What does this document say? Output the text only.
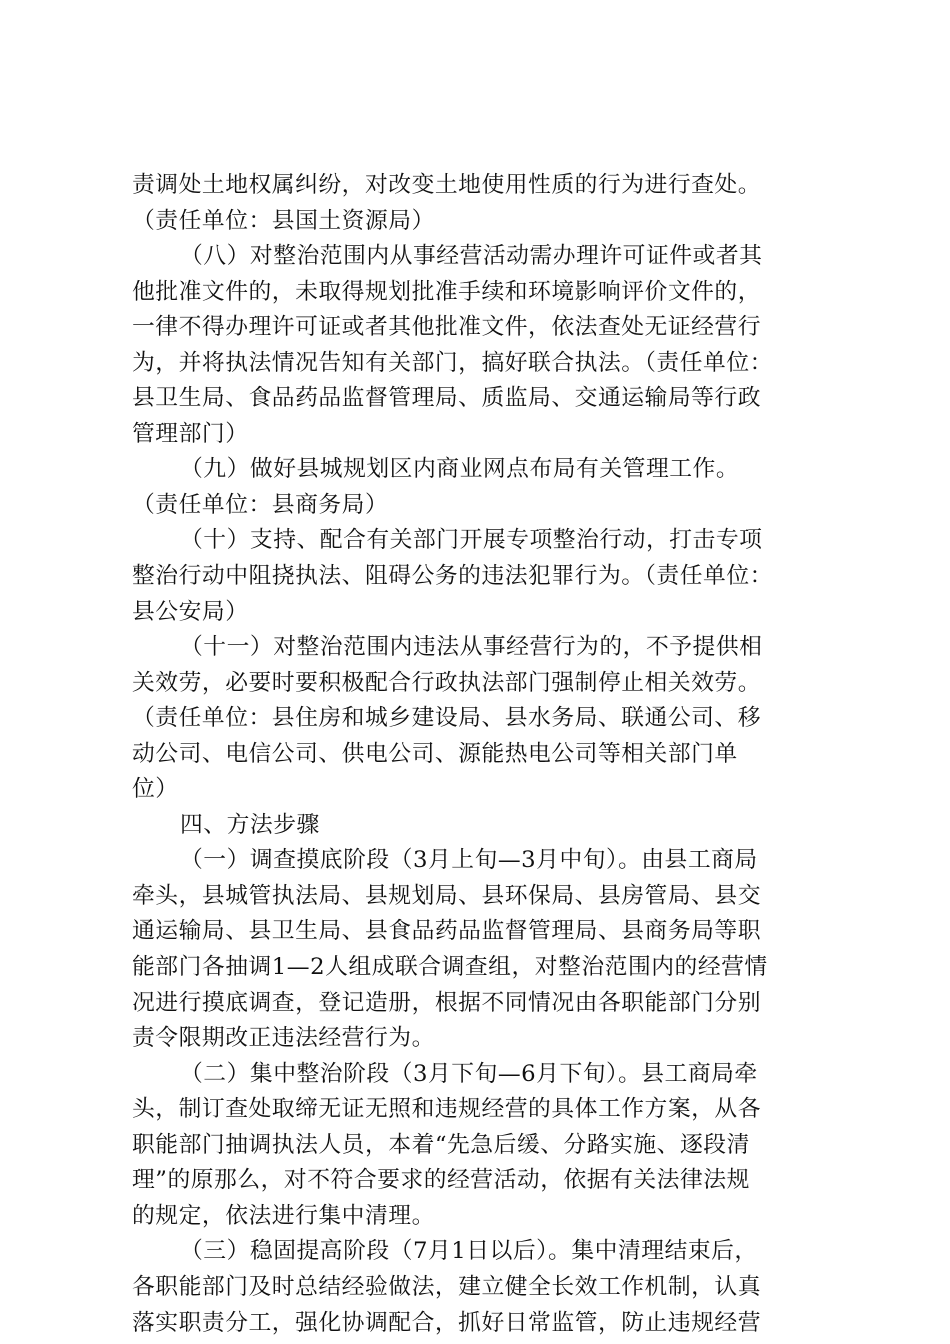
责调处土地权属纠纷，对改变土地使用性质的行为进行查处。
（责任单位：县国土资源局）
（八）对整治范围内从事经营活动需办理许可证件或者其
他批准文件的，未取得规划批准手续和环境影响评价文件的，
一律不得办理许可证或者其他批准文件，依法查处无证经营行
为，并将执法情况告知有关部门，搞好联合执法。（责任单位：
县卫生局、食品药品监督管理局、质监局、交通运输局等行政
管理部门）
（九）做好县城规划区内商业网点布局有关管理工作。
（责任单位：县商务局）
（十）支持、配合有关部门开展专项整治行动，打击专项
整治行动中阻挠执法、阻碍公务的违法犯罪行为。（责任单位：
县公安局）
（十一）对整治范围内违法从事经营行为的，不予提供相
关效劳，必要时要积极配合行政执法部门强制停止相关效劳。
（责任单位：县住房和城乡建设局、县水务局、联通公司、移
动公司、电信公司、供电公司、源能热电公司等相关部门单
位）
四、方法步骤
（一）调查摸底阶段（3月上旬—3月中旬）。由县工商局
牵头，县城管执法局、县规划局、县环保局、县房管局、县交
通运输局、县卫生局、县食品药品监督管理局、县商务局等职
能部门各抽调1—2人组成联合调查组，对整治范围内的经营情
况进行摸底调查，登记造册，根据不同情况由各职能部门分别
责令限期改正违法经营行为。
（二）集中整治阶段（3月下旬—6月下旬）。县工商局牵
头，制订查处取缔无证无照和违规经营的具体工作方案，从各
职能部门抽调执法人员，本着“先急后缓、分路实施、逐段清
理”的原那么，对不符合要求的经营活动，依据有关法律法规
的规定，依法进行集中清理。
（三）稳固提高阶段（7月1日以后）。集中清理结束后，
各职能部门及时总结经验做法，建立健全长效工作机制，认真
落实职责分工，强化协调配合，抓好日常监管，防止违规经营
